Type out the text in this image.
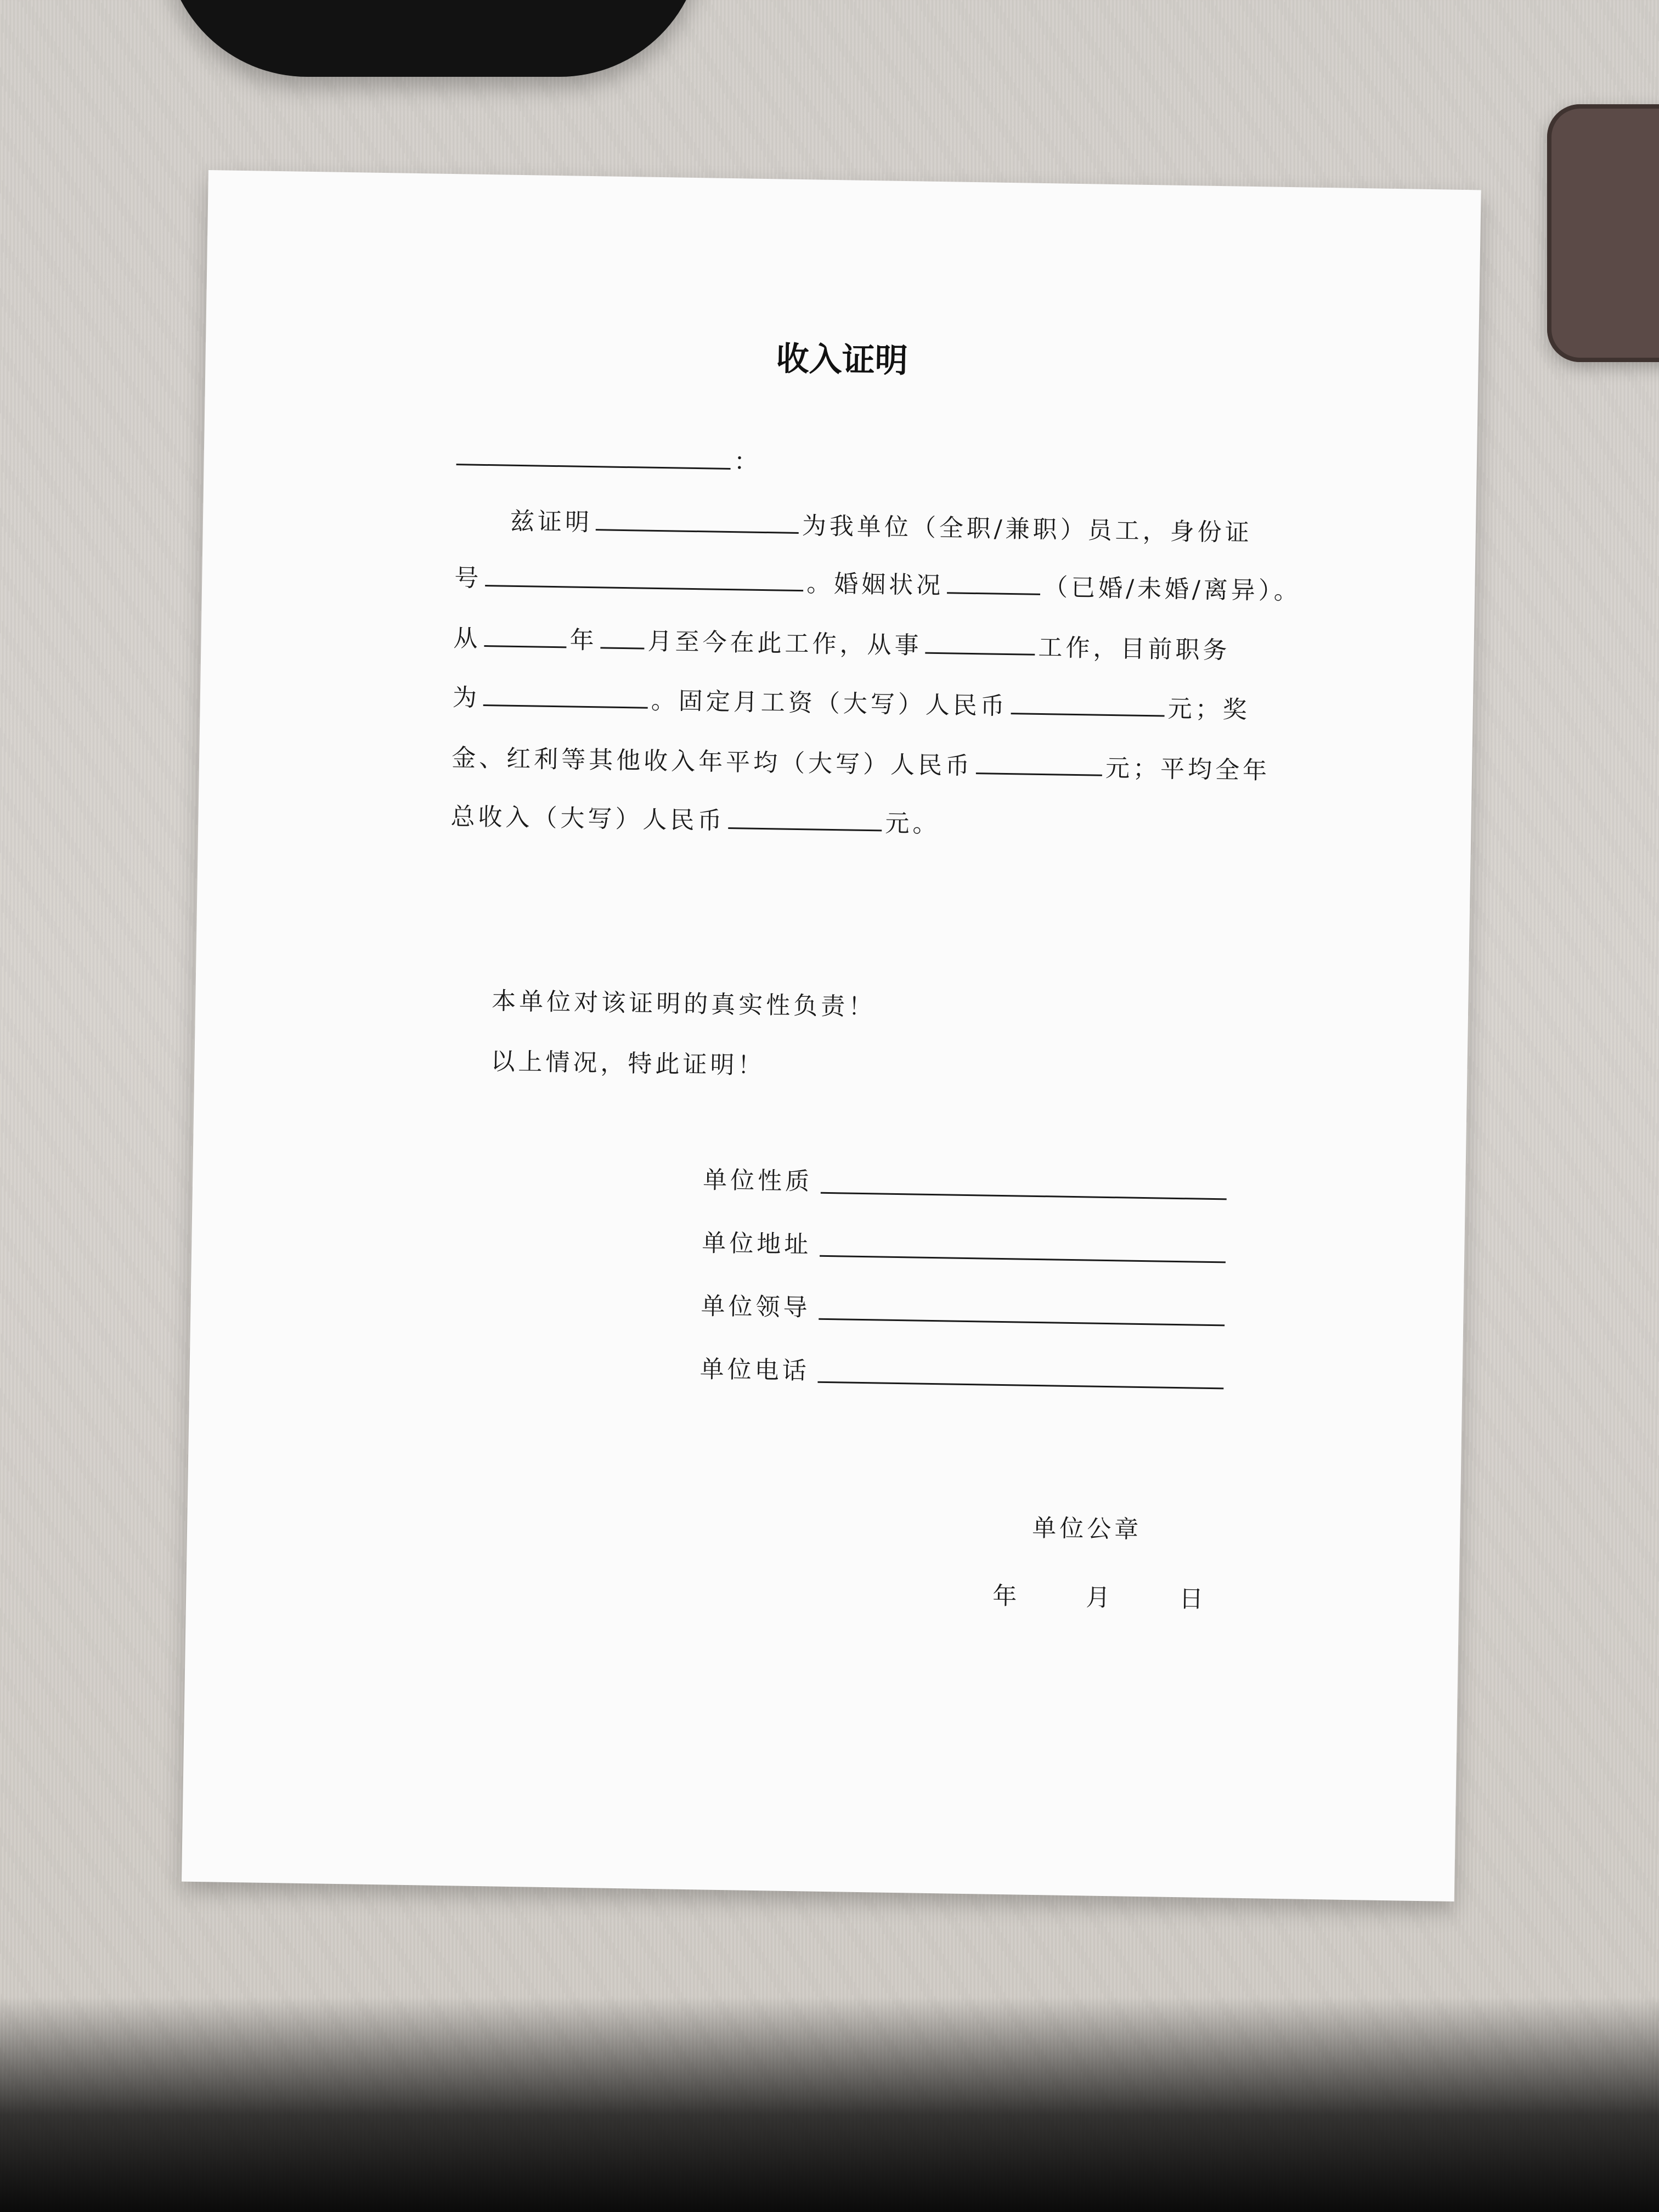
收入证明
：
兹证明	为我单位（全职/兼职）员工，身份证
号	。婚姻状况	（已婚/未婚/离异）。
从	年 月至今在此工作，从事	工作，目前职务
为	。固定月工资（大写）人民币	元；奖
金、红利等其他收入年平均（大写）人民币	元；平均全年
总收入（大写）人民币	元。
本单位对该证明的真实性负责！
以上情况，特此证明！
单位性质
单位地址
单位领导
单位电话
单位公章
年	月	日
